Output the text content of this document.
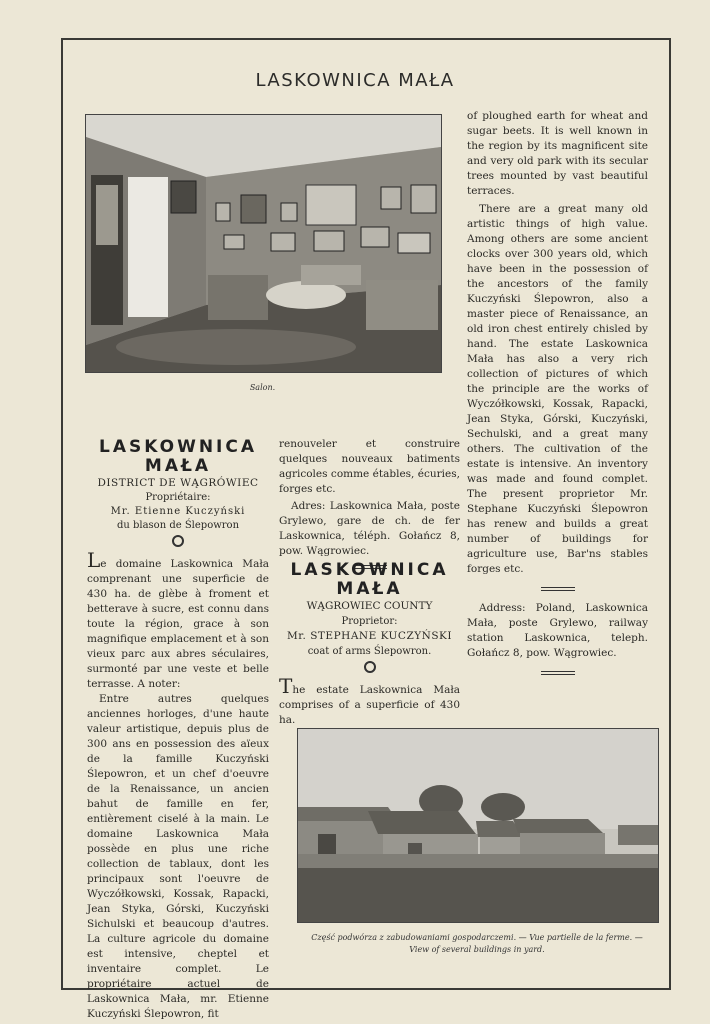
LASKOWNICA MAŁA
Salon.

of ploughed earth for wheat and sugar beets. It is well known in the region by its magnificent site and very old park with its secular trees mounted by vast beautiful terraces.

There are a great many old artistic things of high value. Among others are some ancient clocks over 300 years old, which have been in the possession of the ancestors of the family Kuczyński Ślepowron, also a master piece of Renaissance, an old iron chest entirely chisled by hand. The estate Laskownica Mała has also a very rich collection of pictures of which the principle are the works of Wyczółkowski, Kossak, Rapacki, Jean Styka, Górski, Kuczyński, Sechulski, and a great many others. The cultivation of the estate is intensive. An inventory was made and found complet. The present proprietor Mr. Stephane Kuczyński Ślepowron has renew and builds a great number of buildings for agriculture use, Bar'ns stables forges etc.

Address: Poland, Laskownica Mała, poste Grylewo, railway station Laskownica, teleph. Gołańcz 8, pow. Wągrowiec.

LASKOWNICA
MAŁA
DISTRICT DE WĄGRÓWIEC
Propriétaire:
Mr. Etienne Kuczyński
du blason de Ślepowron

Le domaine Laskownica Mała comprenant une superficie de 430 ha. de glèbe à froment et betterave à sucre, est connu dans toute la région, grace à son magnifique emplacement et à son vieux parc aux abres séculaires, surmonté par une veste et belle terrasse. A noter:

Entre autres quelques anciennes horloges, d'une haute valeur artistique, depuis plus de 300 ans en possession des aïeux de la famille Kuczyński Ślepowron, et un chef d'oeuvre de la Renaissance, un ancien bahut de famille en fer, entièrement ciselé à la main. Le domaine Laskownica Mała possède en plus une riche collection de tablaux, dont les principaux sont l'oeuvre de Wyczółkowski, Kossak, Rapacki, Jean Styka, Górski, Kuczyński Sichulski et beaucoup d'autres. La culture agricole du domaine est intensive, cheptel et inventaire complet. Le propriétaire actuel de Laskownica Mała, mr. Etienne Kuczyński Ślepowron, fit

renouveler et construire quelques nouveaux batiments agricoles comme étables, écuries, forges etc.

Adres: Laskownica Mała, poste Grylewo, gare de ch. de fer Laskownica, téléph. Gołańcz 8, pow. Wągrowiec.

LASKOWNICA
MAŁA
WĄGROWIEC COUNTY
Proprietor:
Mr. STEPHANE KUCZYŃSKI
coat of arms Ślepowron.

The estate Laskownica Mała comprises of a superficie of 430 ha.

Część podwórza z zabudowaniami gospodarczemi. — Vue partielle de la ferme. —
View of several buildings in yard.
